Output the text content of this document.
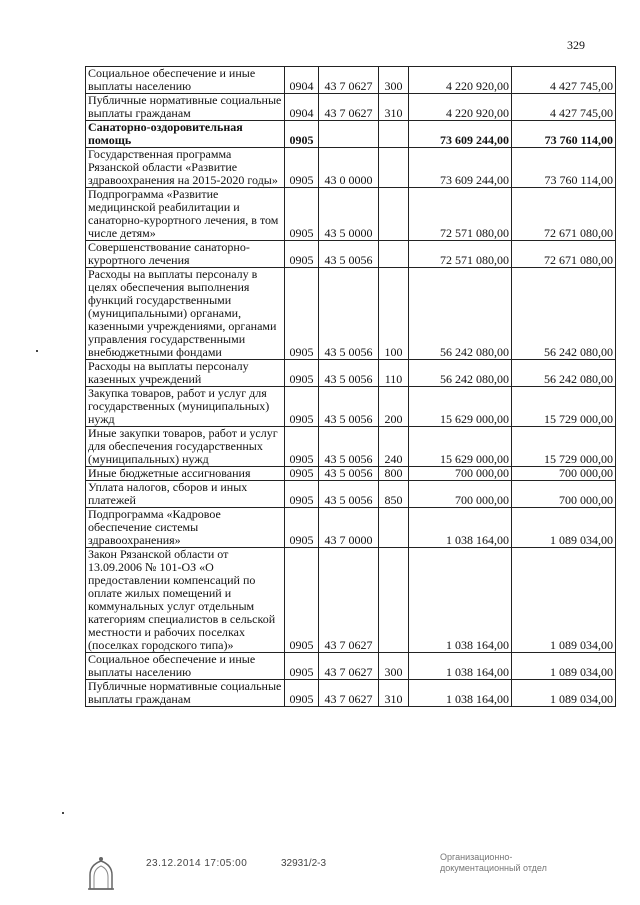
329
Социальное обеспечение и иные выплаты населению	0904	43 7 0627	300	4 220 920,00	4 427 745,00
Публичные нормативные социальные выплаты гражданам	0904	43 7 0627	310	4 220 920,00	4 427 745,00
Санаторно-оздоровительная помощь	0905			73 609 244,00	73 760 114,00
Государственная программа Рязанской области «Развитие здравоохранения на 2015-2020 годы»	0905	43 0 0000		73 609 244,00	73 760 114,00
Подпрограмма «Развитие медицинской реабилитации и санаторно-курортного лечения, в том числе детям»	0905	43 5 0000		72 571 080,00	72 671 080,00
Совершенствование санаторно-курортного лечения	0905	43 5 0056		72 571 080,00	72 671 080,00
Расходы на выплаты персоналу в целях обеспечения выполнения функций государственными (муниципальными) органами, казенными учреждениями, органами управления государственными внебюджетными фондами	0905	43 5 0056	100	56 242 080,00	56 242 080,00
Расходы на выплаты персоналу казенных учреждений	0905	43 5 0056	110	56 242 080,00	56 242 080,00
Закупка товаров, работ и услуг для государственных (муниципальных) нужд	0905	43 5 0056	200	15 629 000,00	15 729 000,00
Иные закупки товаров, работ и услуг для обеспечения государственных (муниципальных) нужд	0905	43 5 0056	240	15 629 000,00	15 729 000,00
Иные бюджетные ассигнования	0905	43 5 0056	800	700 000,00	700 000,00
Уплата налогов, сборов и иных платежей	0905	43 5 0056	850	700 000,00	700 000,00
Подпрограмма «Кадровое обеспечение системы здравоохранения»	0905	43 7 0000		1 038 164,00	1 089 034,00
Закон Рязанской области от 13.09.2006 № 101-ОЗ «О предоставлении компенсаций по оплате жилых помещений и коммунальных услуг отдельным категориям специалистов в сельской местности и рабочих поселках (поселках городского типа)»	0905	43 7 0627		1 038 164,00	1 089 034,00
Социальное обеспечение и иные выплаты населению	0905	43 7 0627	300	1 038 164,00	1 089 034,00
Публичные нормативные социальные выплаты гражданам	0905	43 7 0627	310	1 038 164,00	1 089 034,00
23.12.2014 17:05:00	32931/2-3
Организационно-
документационный отдел
